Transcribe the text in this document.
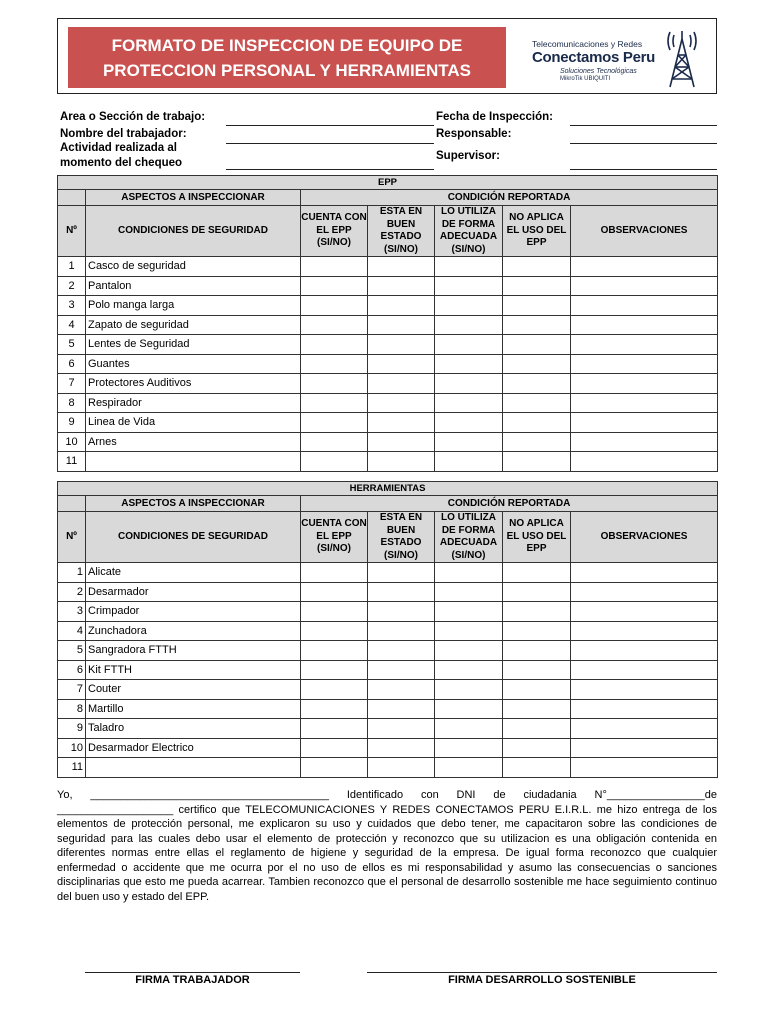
FORMATO DE INSPECCION DE EQUIPO DE
PROTECCION PERSONAL Y HERRAMIENTAS
Telecomunicaciones y Redes
Conectamos Peru
Soluciones Tecnológicas
MikroTik UBIQUITI
Area o Sección de trabajo:
Nombre del trabajador:
Actividad realizada al
momento del chequeo
Fecha de Inspección:
Responsable:
Supervisor:
EPP						
	ASPECTOS A INSPECCIONAR	CONDICIÓN REPORTADA				
Nº	CONDICIONES DE SEGURIDAD	CUENTA CON EL EPP (SI/NO)	ESTA EN BUEN ESTADO (SI/NO)	LO UTILIZA DE FORMA ADECUADA (SI/NO)	NO APLICA EL USO DEL EPP	OBSERVACIONES
1	Casco de seguridad					
2	Pantalon					
3	Polo manga larga					
4	Zapato de seguridad					
5	Lentes de Seguridad					
6	Guantes					
7	Protectores Auditivos					
8	Respirador					
9	Linea de Vida					
10	Arnes					
11						
HERRAMIENTAS						
	ASPECTOS A INSPECCIONAR	CONDICIÓN REPORTADA				
Nº	CONDICIONES DE SEGURIDAD	CUENTA CON EL EPP (SI/NO)	ESTA EN BUEN ESTADO (SI/NO)	LO UTILIZA DE FORMA ADECUADA (SI/NO)	NO APLICA EL USO DEL EPP	OBSERVACIONES
1	Alicate					
2	Desarmador					
3	Crimpador					
4	Zunchadora					
5	Sangradora FTTH					
6	Kit FTTH					
7	Couter					
8	Martillo					
9	Taladro					
10	Desarmador Electrico					
11						
Yo, _______________________________________ Identificado con DNI de ciudadania N°________________de
___________________ certifico que TELECOMUNICACIONES Y REDES CONECTAMOS PERU E.I.R.L. me hizo entrega de los elementos de protección personal, me explicaron su uso y cuidados que debo tener, me capacitaron sobre las condiciones de seguridad para las cuales debo usar el elemento de protección y reconozco que su utilizacion es una obligación contenida en diferentes normas entre ellas el reglamento de higiene y seguridad de la empresa. De igual forma reconozco que cualquier enfermedad o accidente que me ocurra por el no uso de ellos es mi responsabilidad y asumo las consecuencias o sanciones disciplinarias que esto me pueda acarrear. Tambien reconozco que el personal de desarrollo sostenible me hace seguimiento continuo del buen uso y estado del EPP.
FIRMA TRABAJADOR	FIRMA DESARROLLO SOSTENIBLE
